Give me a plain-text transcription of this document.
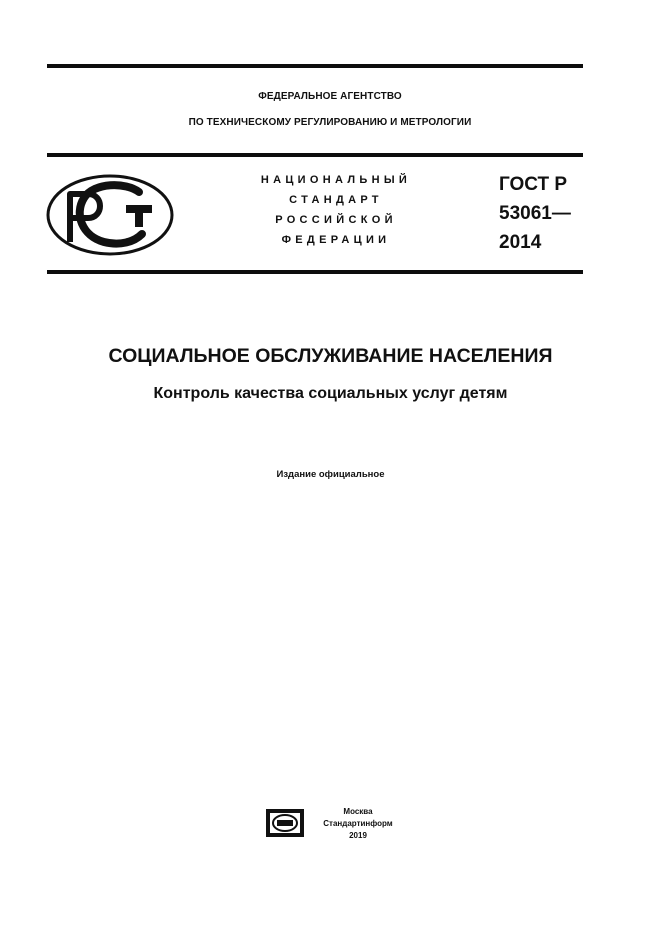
ФЕДЕРАЛЬНОЕ АГЕНТСТВО
ПО ТЕХНИЧЕСКОМУ РЕГУЛИРОВАНИЮ И МЕТРОЛОГИИ
НАЦИОНАЛЬНЫЙ
СТАНДАРТ
РОССИЙСКОЙ
ФЕДЕРАЦИИ
ГОСТ Р
53061—
2014
СОЦИАЛЬНОЕ ОБСЛУЖИВАНИЕ НАСЕЛЕНИЯ
Контроль качества социальных услуг детям
Издание официальное
Москва
Стандартинформ
2019
